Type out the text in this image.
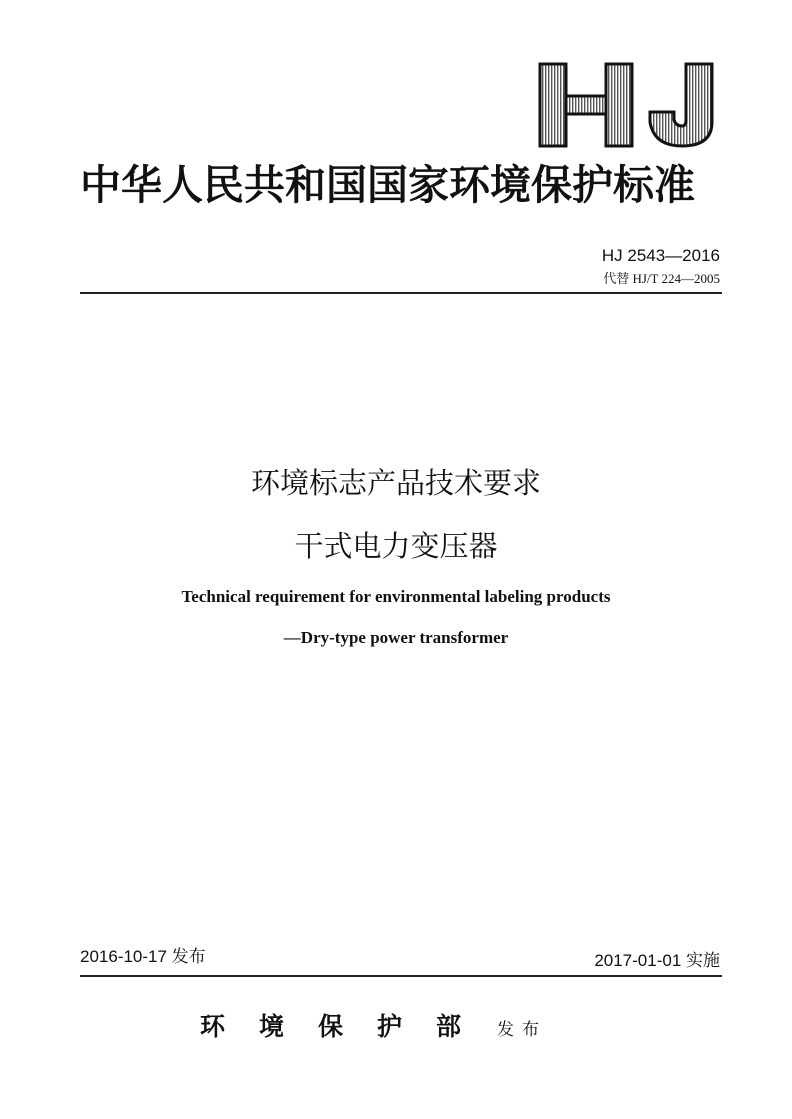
中华人民共和国国家环境保护标准
HJ 2543—2016
代替 HJ/T 224—2005
环境标志产品技术要求
干式电力变压器
Technical requirement for environmental labeling products
—Dry-type power transformer
2016-10-17 发布	2017-01-01 实施
环境保护部 发布
